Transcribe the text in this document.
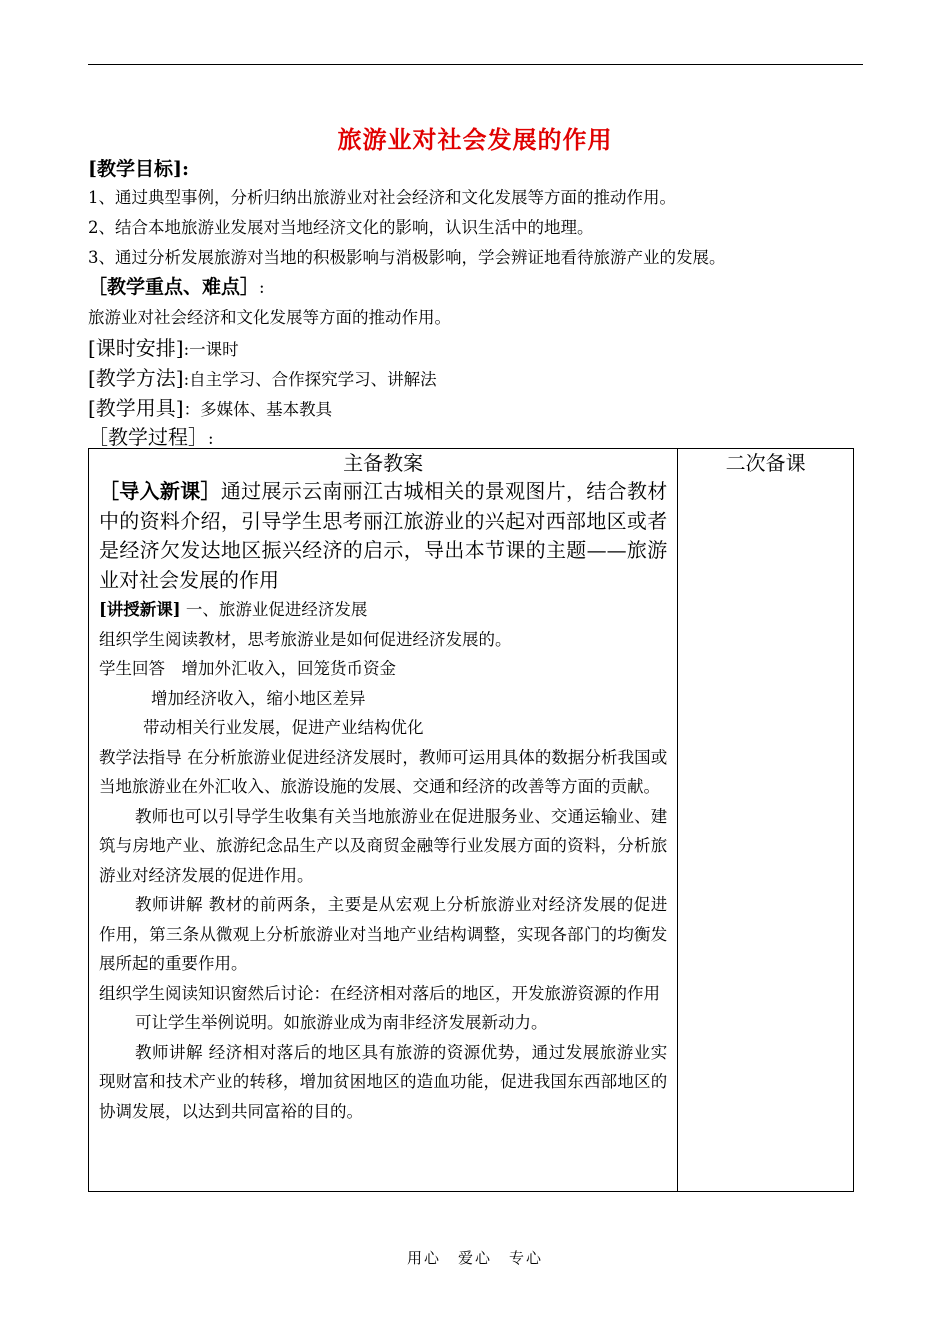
旅游业对社会发展的作用
[教学目标]:
1、通过典型事例，分析归纳出旅游业对社会经济和文化发展等方面的推动作用。
2、结合本地旅游业发展对当地经济文化的影响，认识生活中的地理。
3、通过分析发展旅游对当地的积极影响与消极影响，学会辨证地看待旅游产业的发展。
［教学重点、难点］:
旅游业对社会经济和文化发展等方面的推动作用。
[课时安排]:一课时
[教学方法]:自主学习、合作探究学习、讲解法
[教学用具]：多媒体、基本教具
［教学过程］:
主备教案

［导入新课］通过展示云南丽江古城相关的景观图片，结合教材中的资料介绍，引导学生思考丽江旅游业的兴起对西部地区或者是经济欠发达地区振兴经济的启示，导出本节课的主题——旅游业对社会发展的作用

[讲授新课] 一、旅游业促进经济发展

组织学生阅读教材，思考旅游业是如何促进经济发展的。

学生回答　增加外汇收入，回笼货币资金

增加经济收入，缩小地区差异

带动相关行业发展，促进产业结构优化

教学法指导 在分析旅游业促进经济发展时，教师可运用具体的数据分析我国或当地旅游业在外汇收入、旅游设施的发展、交通和经济的改善等方面的贡献。

教师也可以引导学生收集有关当地旅游业在促进服务业、交通运输业、建筑与房地产业、旅游纪念品生产以及商贸金融等行业发展方面的资料，分析旅游业对经济发展的促进作用。

教师讲解 教材的前两条，主要是从宏观上分析旅游业对经济发展的促进作用，第三条从微观上分析旅游业对当地产业结构调整，实现各部门的均衡发展所起的重要作用。

组织学生阅读知识窗然后讨论：在经济相对落后的地区，开发旅游资源的作用

可让学生举例说明。如旅游业成为南非经济发展新动力。

教师讲解 经济相对落后的地区具有旅游的资源优势，通过发展旅游业实现财富和技术产业的转移，增加贫困地区的造血功能，促进我国东西部地区的协调发展，以达到共同富裕的目的。

二次备课
用心　爱心　专心
